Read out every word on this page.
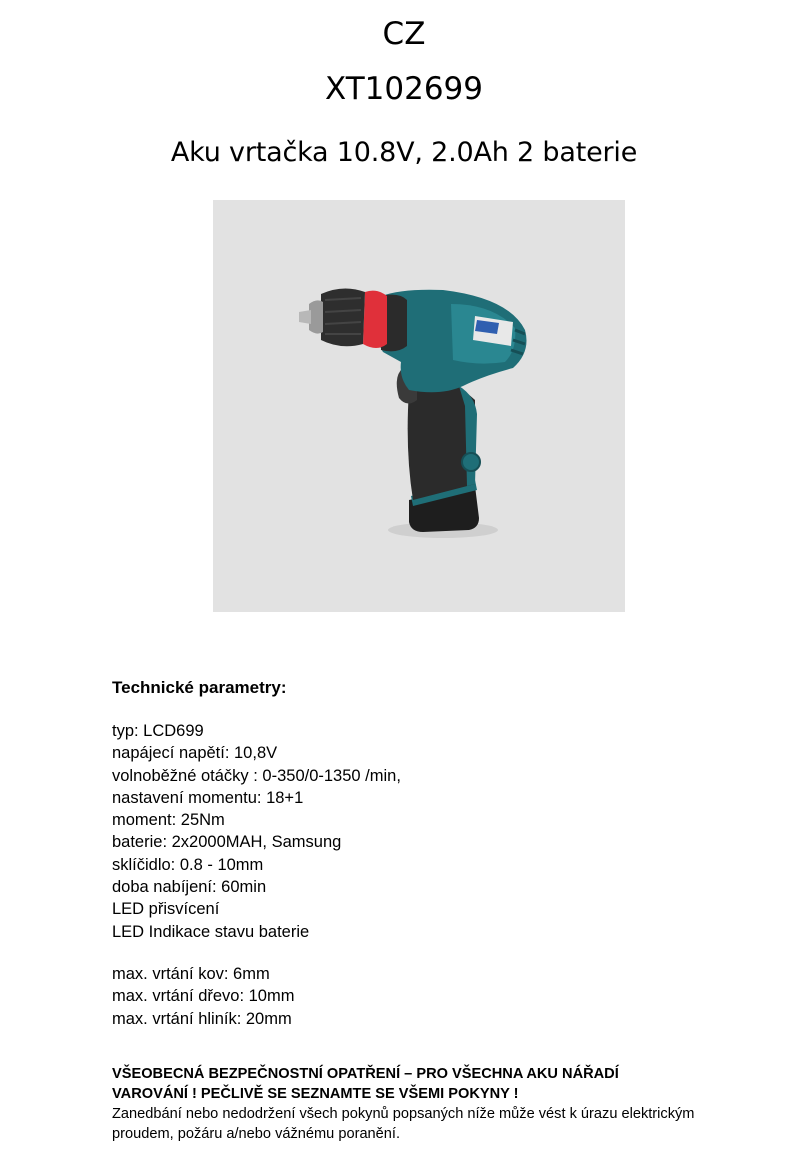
CZ
XT102699
Aku vrtačka 10.8V, 2.0Ah 2 baterie
Technické parametry:
typ: LCD699
napájecí napětí: 10,8V
volnoběžné otáčky : 0-350/0-1350 /min,
nastavení momentu: 18+1
moment: 25Nm
baterie: 2x2000MAH, Samsung
sklíčidlo: 0.8 - 10mm
doba nabíjení: 60min
LED přisvícení
LED Indikace stavu baterie
max. vrtání kov: 6mm
max. vrtání dřevo: 10mm
max. vrtání hliník: 20mm

VŠEOBECNÁ BEZPEČNOSTNÍ OPATŘENÍ – PRO VŠECHNA AKU NÁŘADÍ
VAROVÁNÍ ! PEČLIVĚ SE SEZNAMTE SE VŠEMI POKYNY !

Zanedbání nebo nedodržení všech pokynů popsaných níže může vést k úrazu elektrickým proudem, požáru a/nebo vážnému poranění.
